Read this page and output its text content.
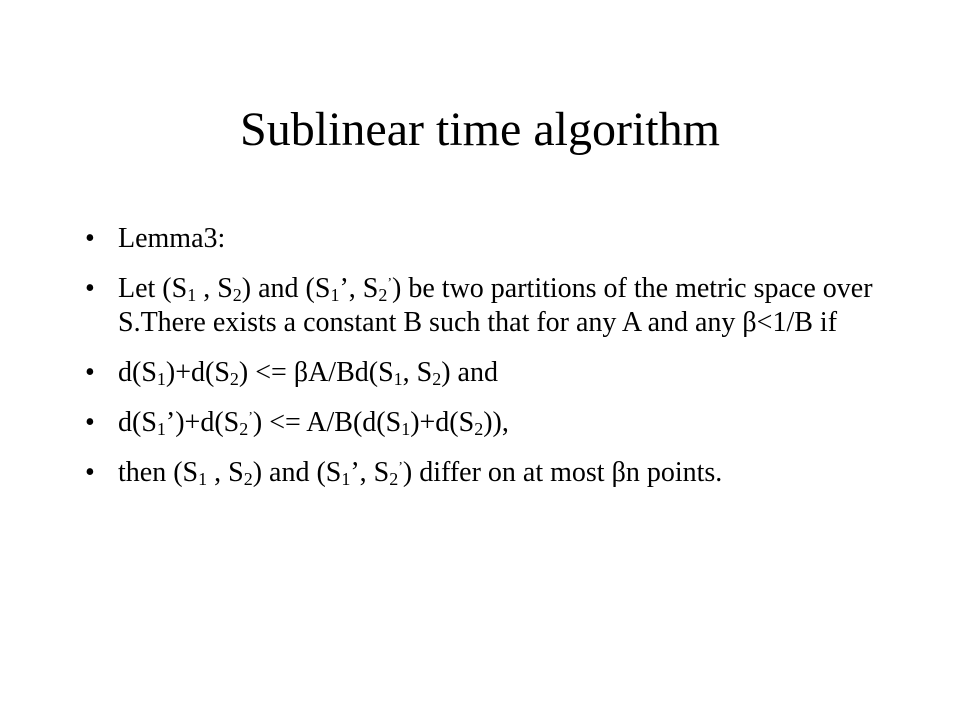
Sublinear time algorithm
• Lemma3:
• Let ($S_1$ , $S_2$) and ($S_1$’, $S_2^’$) be two partitions of the metric space over S.There exists a constant B such that for any A and any β<1/B if
• $d(S_1)+d(S_2) <= \beta A/Bd(S_1$, $S_2$) and
• $d(S_1’)+d(S_2^’) <= A/B(d(S_1)+d(S_2))$,
• then ($S_1$ , $S_2$) and ($S_1$’, $S_2^’$) differ on at most βn points.
